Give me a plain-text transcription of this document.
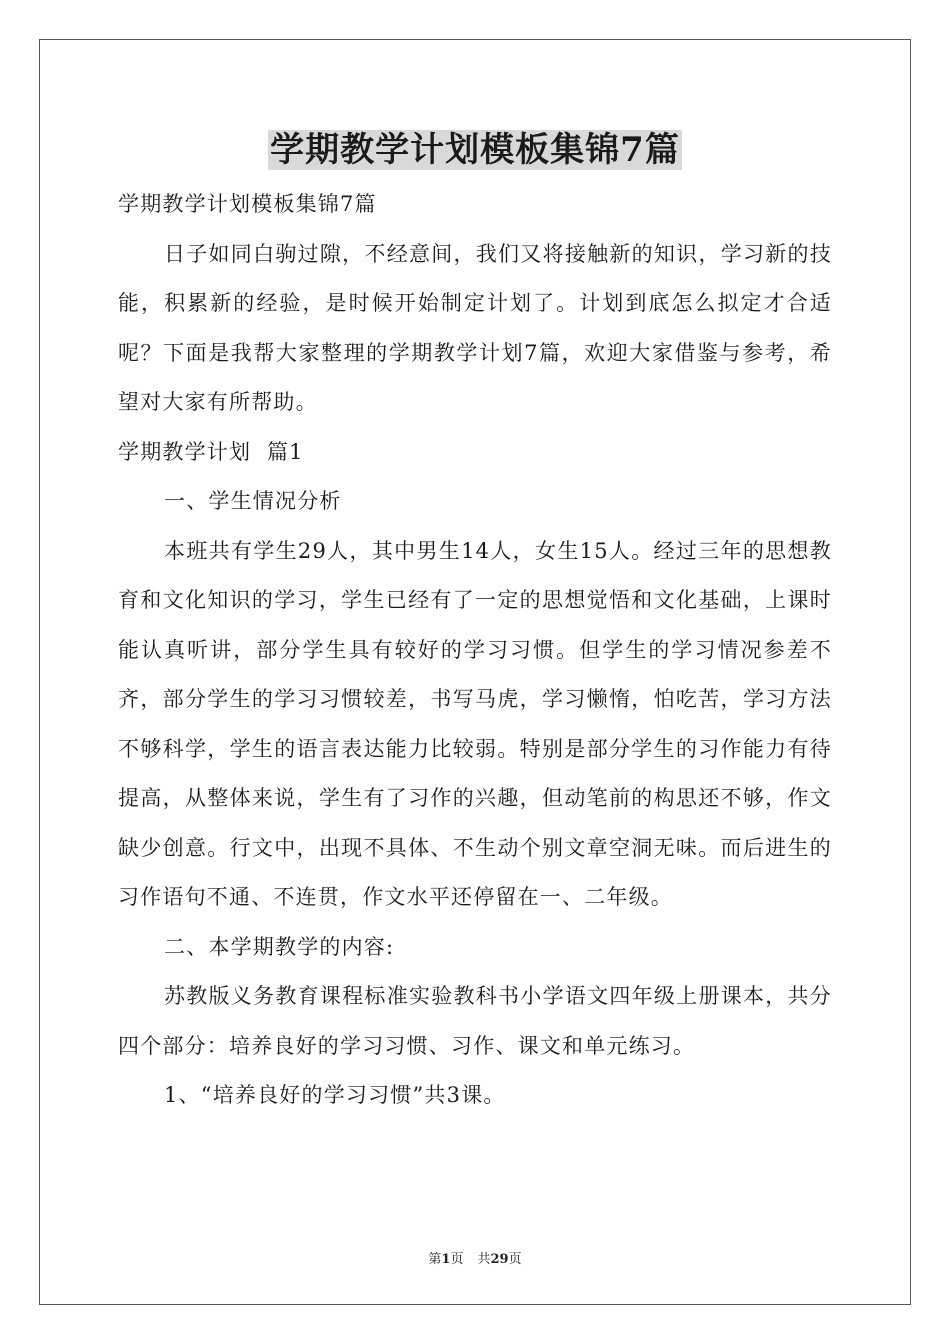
学期教学计划模板集锦7篇

学期教学计划模板集锦7篇

日子如同白驹过隙，不经意间，我们又将接触新的知识，学习新的技能，积累新的经验，是时候开始制定计划了。计划到底怎么拟定才合适呢？下面是我帮大家整理的学期教学计划7篇，欢迎大家借鉴与参考，希望对大家有所帮助。

学期教学计划  篇1

一、学生情况分析

本班共有学生29人，其中男生14人，女生15人。经过三年的思想教育和文化知识的学习，学生已经有了一定的思想觉悟和文化基础，上课时能认真听讲，部分学生具有较好的学习习惯。但学生的学习情况参差不齐，部分学生的学习习惯较差，书写马虎，学习懒惰，怕吃苦，学习方法不够科学，学生的语言表达能力比较弱。特别是部分学生的习作能力有待提高，从整体来说，学生有了习作的兴趣，但动笔前的构思还不够，作文缺少创意。行文中，出现不具体、不生动个别文章空洞无味。而后进生的习作语句不通、不连贯，作文水平还停留在一、二年级。

二、本学期教学的内容:

苏教版义务教育课程标准实验教科书小学语文四年级上册课本，共分四个部分：培养良好的学习习惯、习作、课文和单元练习。

1、“培养良好的学习习惯”共3课。

第1页 共29页
